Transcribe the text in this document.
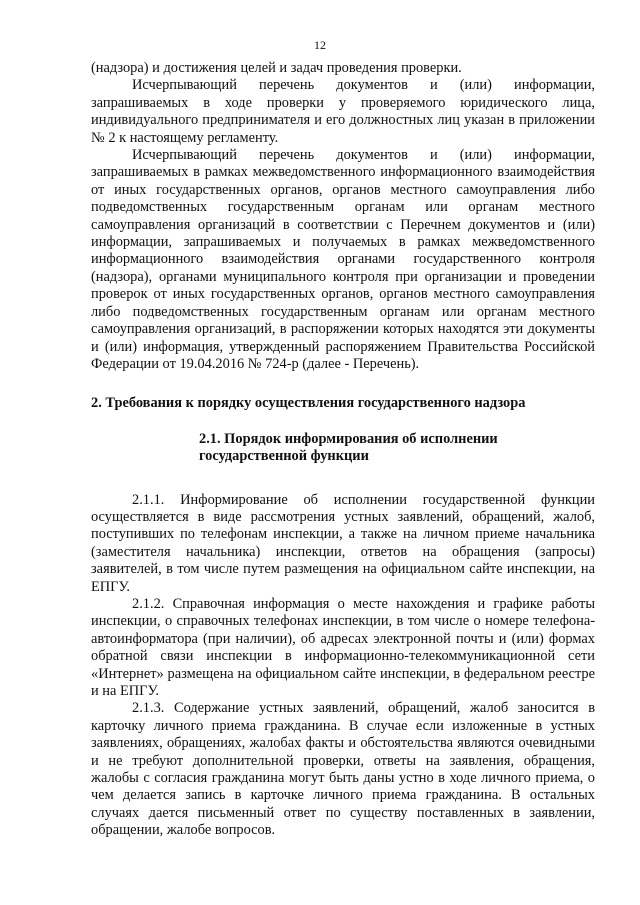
12

(надзора) и достижения целей и задач проведения проверки.

Исчерпывающий перечень документов и (или) информации, запрашиваемых в ходе проверки у проверяемого юридического лица, индивидуального предпринимателя и его должностных лиц указан в приложении № 2 к настоящему регламенту.

Исчерпывающий перечень документов и (или) информации, запрашиваемых в рамках межведомственного информационного взаимодействия от иных государственных органов, органов местного самоуправления либо подведомственных государственным органам или органам местного самоуправления организаций в соответствии с Перечнем документов и (или) информации, запрашиваемых и получаемых в рамках межведомственного информационного взаимодействия органами государственного контроля (надзора), органами муниципального контроля при организации и проведении проверок от иных государственных органов, органов местного самоуправления либо подведомственных государственным органам или органам местного самоуправления организаций, в распоряжении которых находятся эти документы и (или) информация, утвержденный распоряжением Правительства Российской Федерации от 19.04.2016 № 724-р (далее - Перечень).

2. Требования к порядку осуществления государственного надзора

2.1. Порядок информирования об исполнении

государственной функции

2.1.1. Информирование об исполнении государственной функции осуществляется в виде рассмотрения устных заявлений, обращений, жалоб, поступивших по телефонам инспекции, а также на личном приеме начальника (заместителя начальника) инспекции, ответов на обращения (запросы) заявителей, в том числе путем размещения на официальном сайте инспекции, на ЕПГУ.

2.1.2. Справочная информация о месте нахождения и графике работы инспекции, о справочных телефонах инспекции, в том числе о номере телефона-автоинформатора (при наличии), об адресах электронной почты и (или) формах обратной связи инспекции в информационно-телекоммуникационной сети «Интернет» размещена на официальном сайте инспекции, в федеральном реестре и на ЕПГУ.

2.1.3. Содержание устных заявлений, обращений, жалоб заносится в карточку личного приема гражданина. В случае если изложенные в устных заявлениях, обращениях, жалобах факты и обстоятельства являются очевидными и не требуют дополнительной проверки, ответы на заявления, обращения, жалобы с согласия гражданина могут быть даны устно в ходе личного приема, о чем делается запись в карточке личного приема гражданина. В остальных случаях дается письменный ответ по существу поставленных в заявлении, обращении, жалобе вопросов.
